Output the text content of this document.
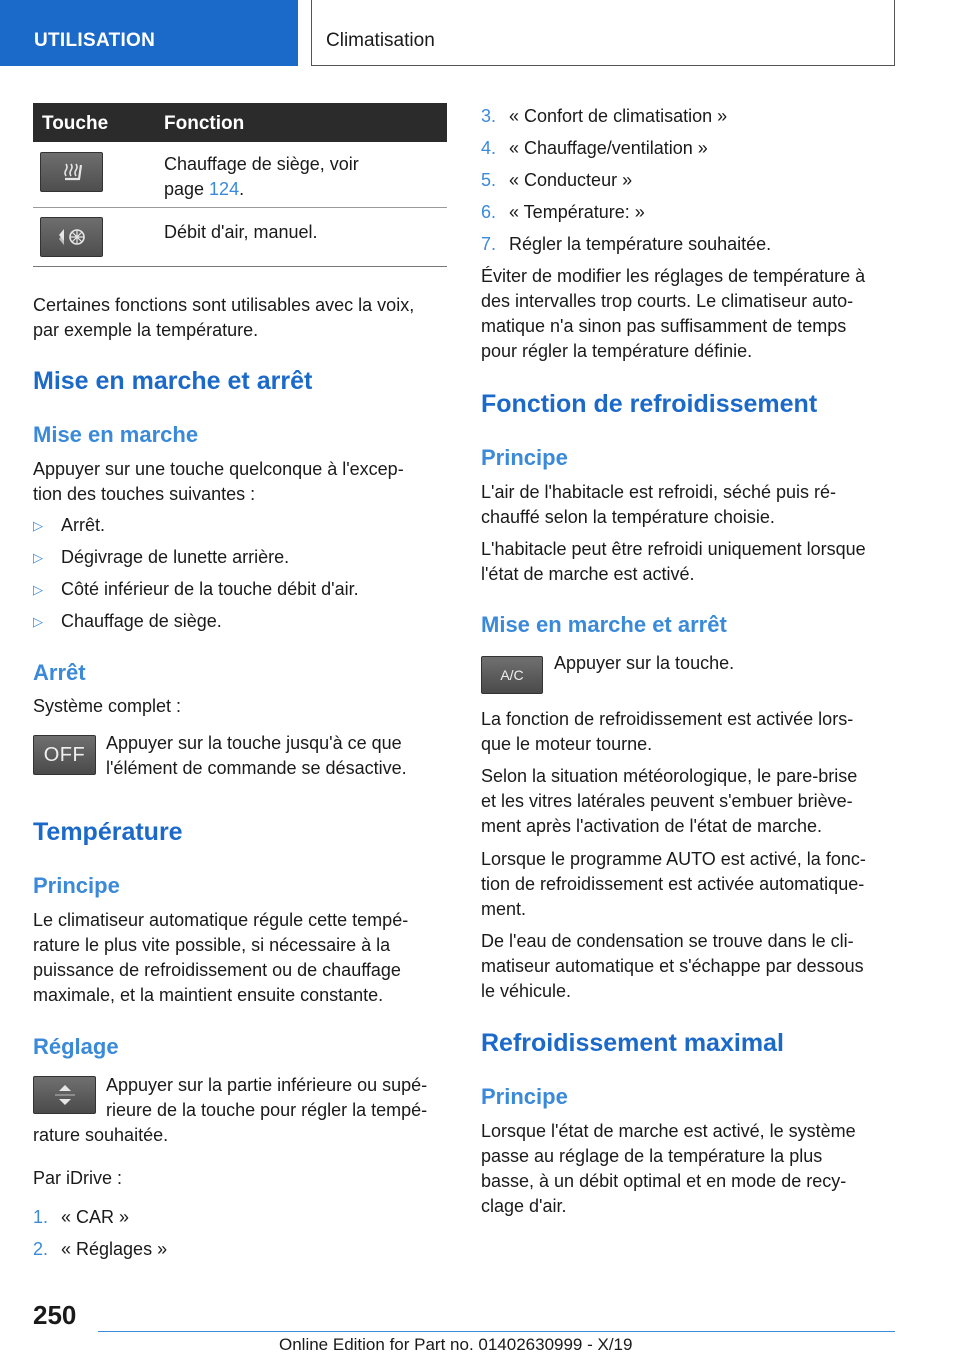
UTILISATION	Climatisation
Touche	Fonction
Chauffage de siège, voir
page 124.
Débit d'air, manuel.
Certaines fonctions sont utilisables avec la voix,
par exemple la température.
Mise en marche et arrêt
Mise en marche
Appuyer sur une touche quelconque à l'excep-
tion des touches suivantes :
▷ Arrêt.
▷ Dégivrage de lunette arrière.
▷ Côté inférieur de la touche débit d'air.
▷ Chauffage de siège.
Arrêt
Système complet :
OFF
Appuyer sur la touche jusqu'à ce que
l'élément de commande se désactive.
Température
Principe
Le climatiseur automatique régule cette tempé-
rature le plus vite possible, si nécessaire à la
puissance de refroidissement ou de chauffage
maximale, et la maintient ensuite constante.
Réglage
Appuyer sur la partie inférieure ou supé-
rieure de la touche pour régler la tempé-
rature souhaitée.
Par iDrive :
1. « CAR »
2. « Réglages »
3. « Confort de climatisation »
4. « Chauffage/ventilation »
5. « Conducteur »
6. « Température: »
7. Régler la température souhaitée.
Éviter de modifier les réglages de température à
des intervalles trop courts. Le climatiseur auto-
matique n'a sinon pas suffisamment de temps
pour régler la température définie.
Fonction de refroidissement
Principe
L'air de l'habitacle est refroidi, séché puis ré-
chauffé selon la température choisie.
L'habitacle peut être refroidi uniquement lorsque
l'état de marche est activé.
Mise en marche et arrêt
A/C
Appuyer sur la touche.
La fonction de refroidissement est activée lors-
que le moteur tourne.
Selon la situation météorologique, le pare-brise
et les vitres latérales peuvent s'embuer briève-
ment après l'activation de l'état de marche.
Lorsque le programme AUTO est activé, la fonc-
tion de refroidissement est activée automatique-
ment.
De l'eau de condensation se trouve dans le cli-
matiseur automatique et s'échappe par dessous
le véhicule.
Refroidissement maximal
Principe
Lorsque l'état de marche est activé, le système
passe au réglage de la température la plus
basse, à un débit optimal et en mode de recy-
clage d'air.
250
Online Edition for Part no. 01402630999 - X/19
